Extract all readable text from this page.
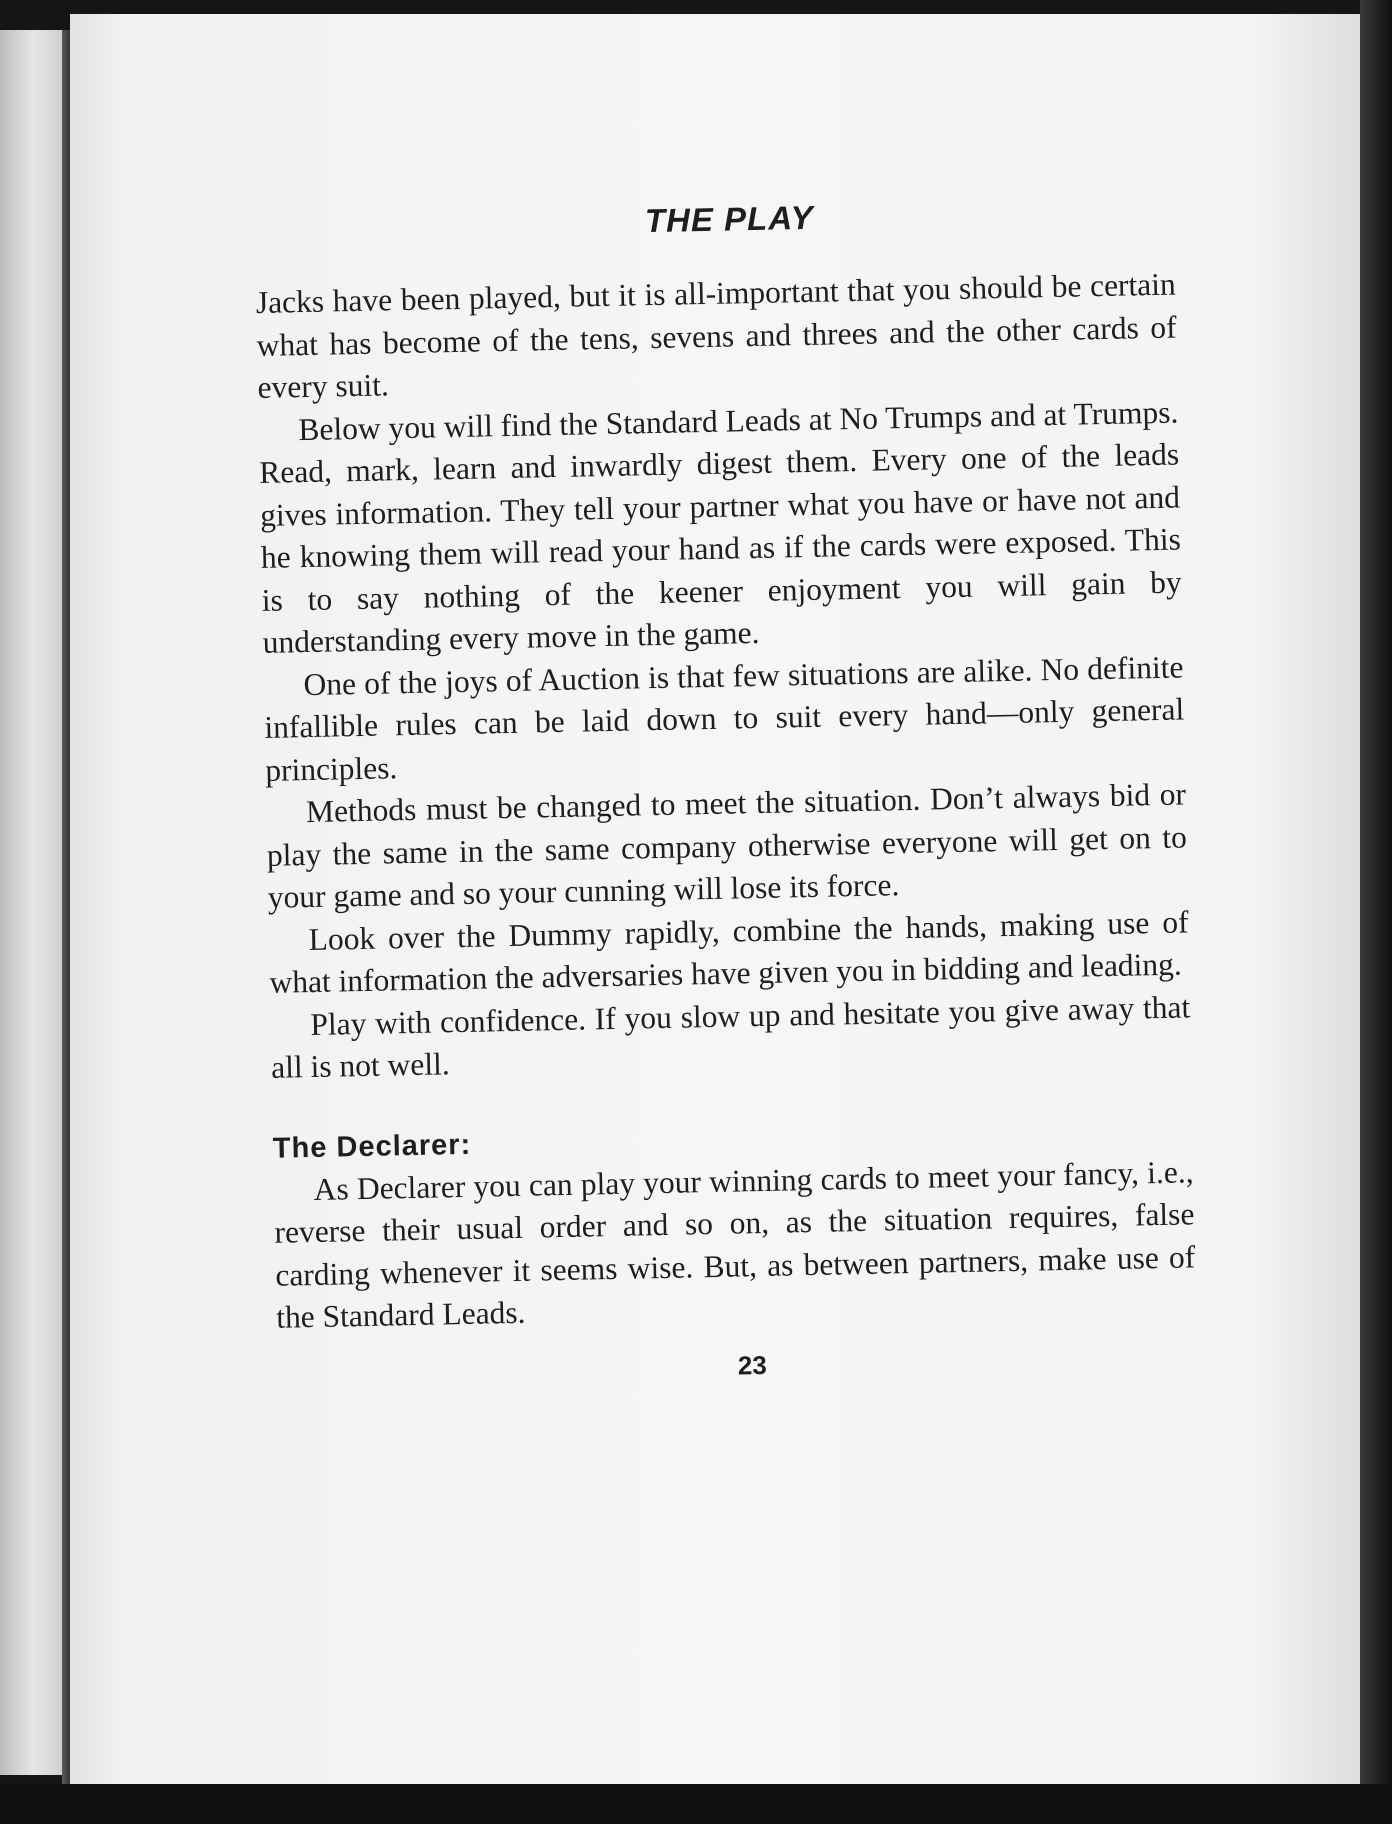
THE PLAY

Jacks have been played, but it is all-important that you should be certain what has become of the tens, sevens and threes and the other cards of every suit.

Below you will find the Standard Leads at No Trumps and at Trumps. Read, mark, learn and inwardly digest them. Every one of the leads gives information. They tell your partner what you have or have not and he knowing them will read your hand as if the cards were exposed. This is to say nothing of the keener enjoyment you will gain by understanding every move in the game.

One of the joys of Auction is that few situations are alike. No definite infallible rules can be laid down to suit every hand—only general principles.

Methods must be changed to meet the situation. Don’t always bid or play the same in the same company otherwise everyone will get on to your game and so your cunning will lose its force.

Look over the Dummy rapidly, combine the hands, making use of what information the adversaries have given you in bidding and leading.

Play with confidence. If you slow up and hesitate you give away that all is not well.

The Declarer:

As Declarer you can play your winning cards to meet your fancy, i.e., reverse their usual order and so on, as the situation requires, false carding whenever it seems wise. But, as between partners, make use of the Standard Leads.

23
